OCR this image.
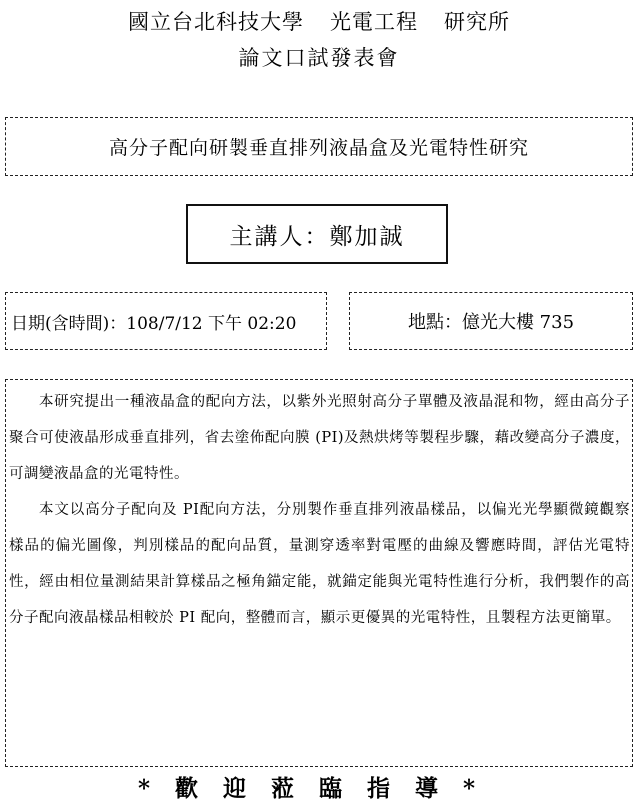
國立台北科技大學 光電工程 研究所
論文口試發表會
高分子配向研製垂直排列液晶盒及光電特性研究
主講人：鄭加誠
日期(含時間)：108/7/12 下午 02:20	地點：億光大樓 735

本研究提出一種液晶盒的配向方法，以紫外光照射高分子單體及液晶混和物，經由高分子聚合可使液晶形成垂直排列，省去塗佈配向膜 (PI)及熱烘烤等製程步驟，藉改變高分子濃度，可調變液晶盒的光電特性。

本文以高分子配向及 PI配向方法，分別製作垂直排列液晶樣品，以偏光光學顯微鏡觀察樣品的偏光圖像，判別樣品的配向品質，量測穿透率對電壓的曲線及響應時間，評估光電特性，經由相位量測結果計算樣品之極角錨定能，就錨定能與光電特性進行分析，我們製作的高分子配向液晶樣品相較於 PI 配向，整體而言，顯示更優異的光電特性，且製程方法更簡單。

*歡迎蒞臨指導*
